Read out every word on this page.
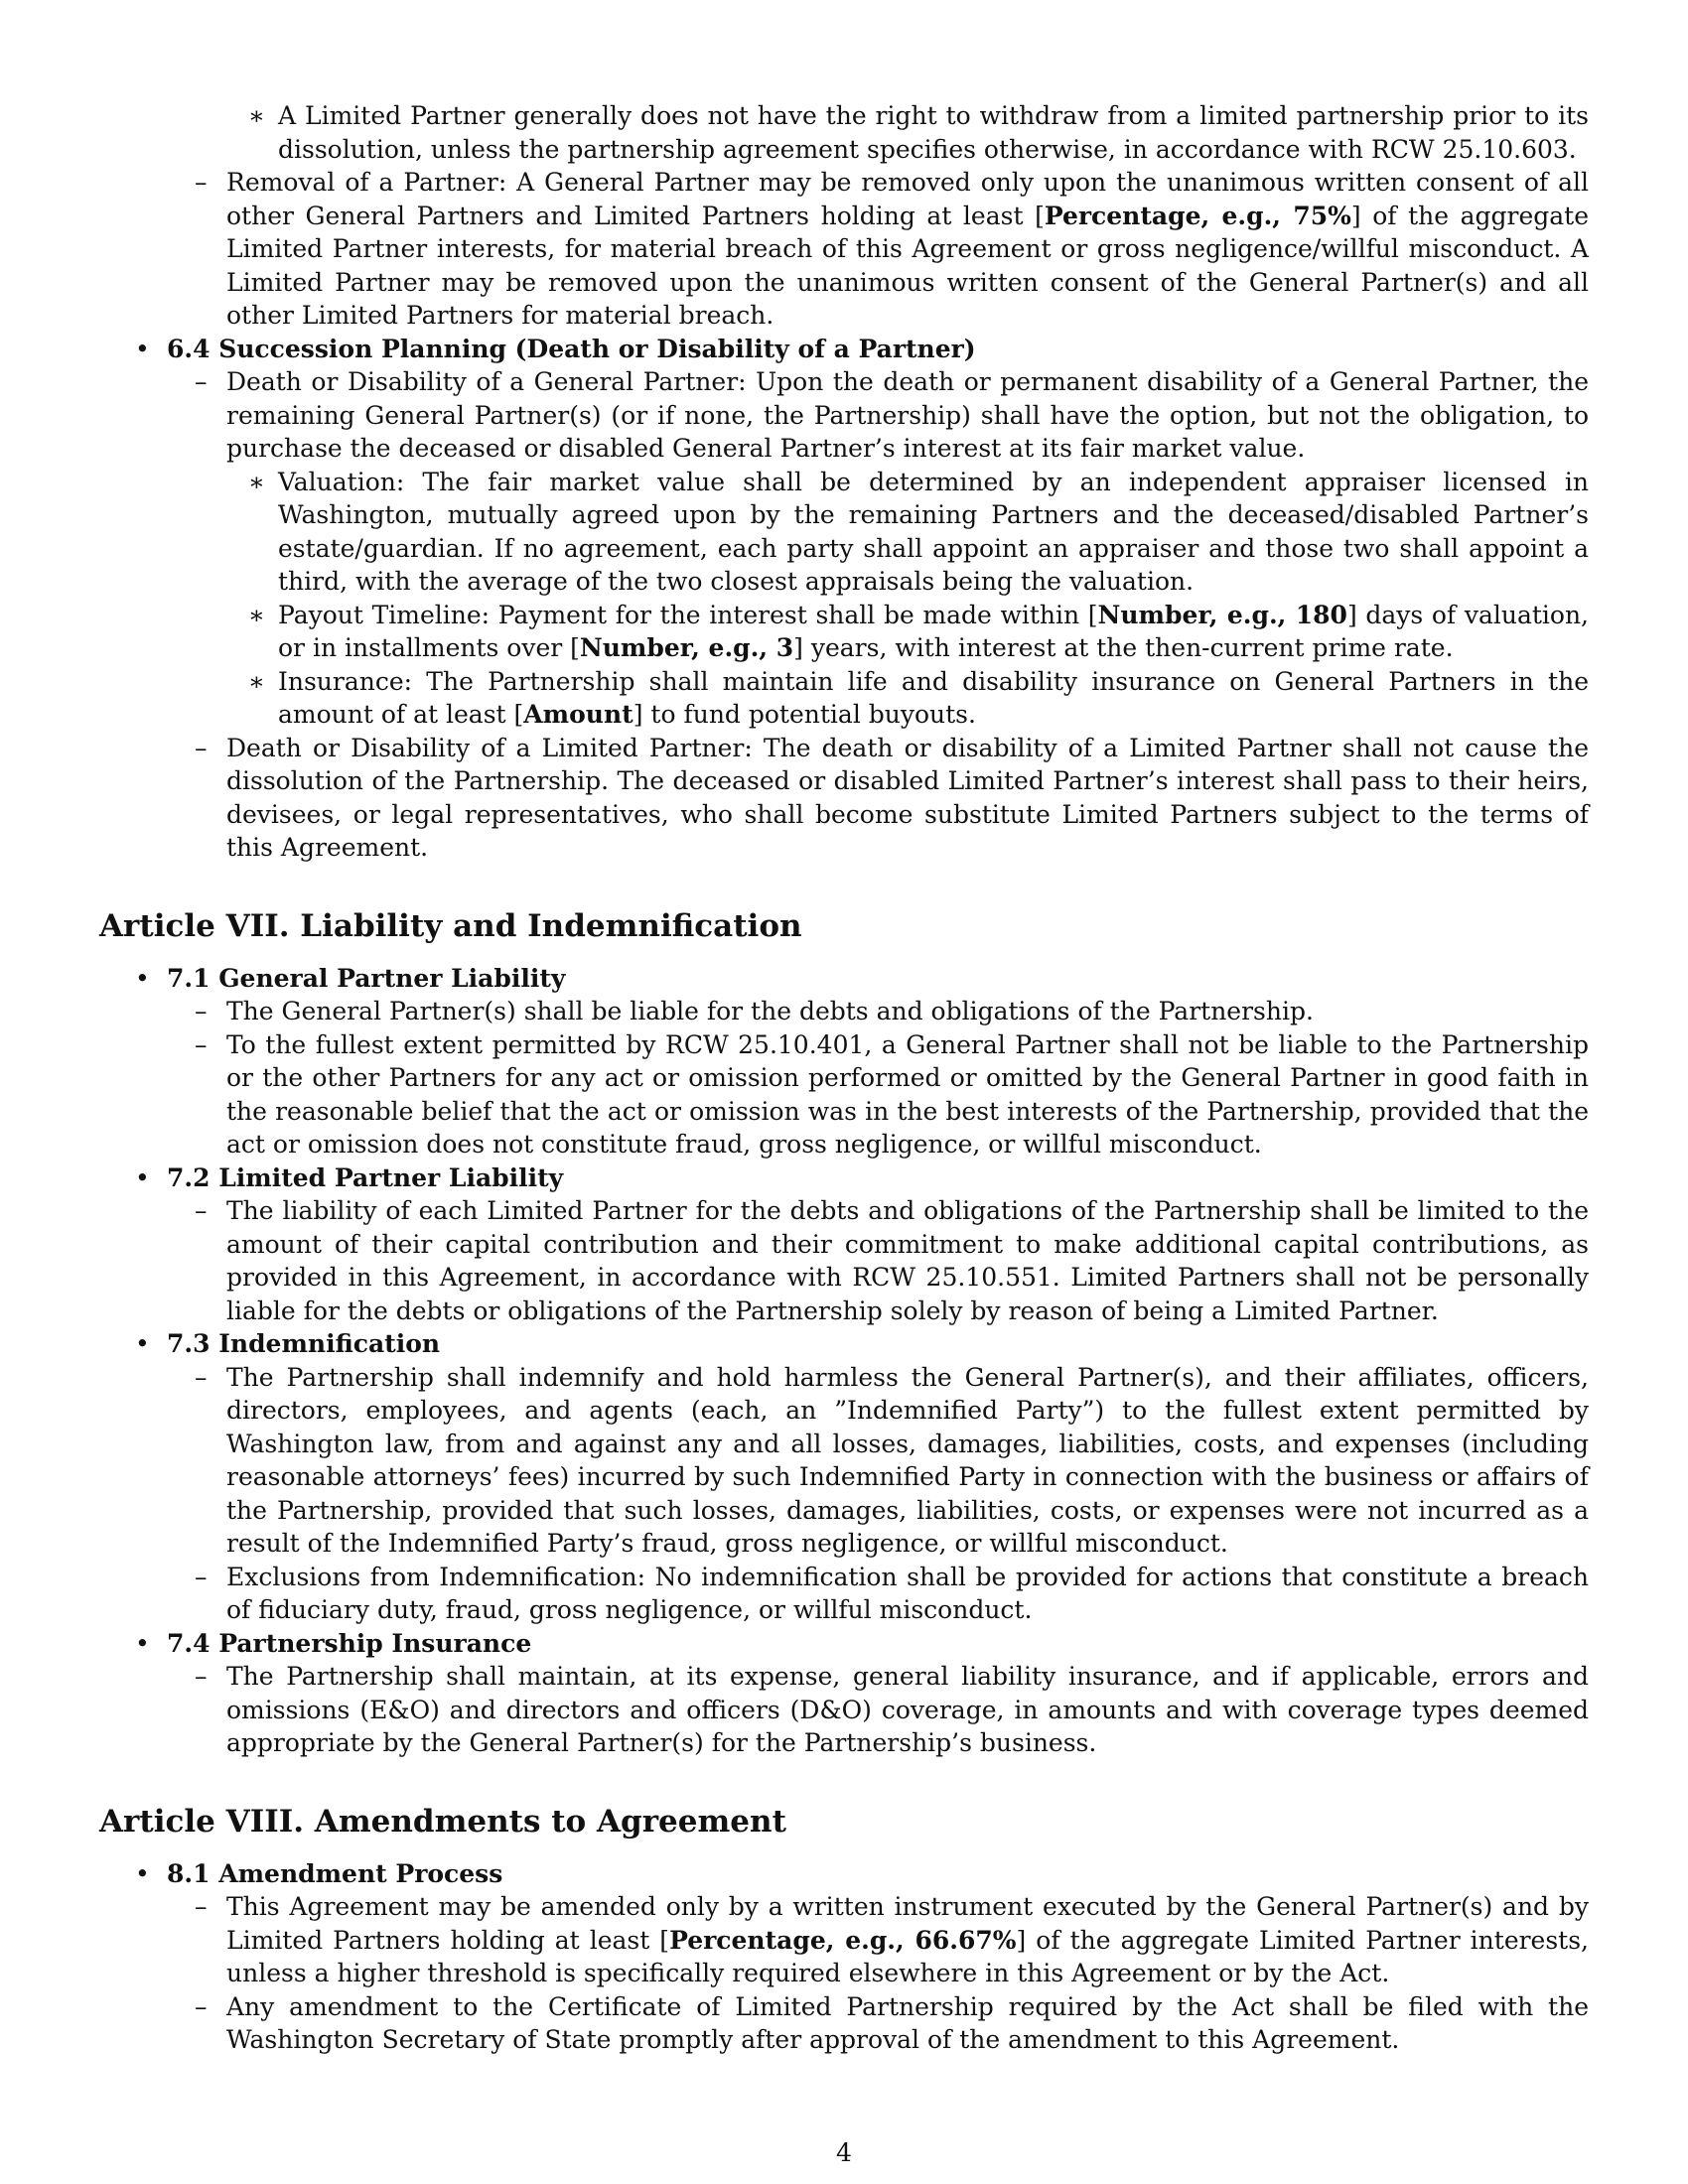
∗ A Limited Partner generally does not have the right to withdraw from a limited partnership prior to its dissolution, unless the partnership agreement specifies otherwise, in accordance with RCW 25.10.603.
– Removal of a Partner: A General Partner may be removed only upon the unanimous written consent of all other General Partners and Limited Partners holding at least [Percentage, e.g., 75%] of the aggregate Limited Partner interests, for material breach of this Agreement or gross negligence/willful misconduct. A Limited Partner may be removed upon the unanimous written consent of the General Partner(s) and all other Limited Partners for material breach.
• 6.4 Succession Planning (Death or Disability of a Partner)
– Death or Disability of a General Partner: Upon the death or permanent disability of a General Partner, the remaining General Partner(s) (or if none, the Partnership) shall have the option, but not the obligation, to purchase the deceased or disabled General Partner’s interest at its fair market value.
∗ Valuation: The fair market value shall be determined by an independent appraiser licensed in Washington, mutually agreed upon by the remaining Partners and the deceased/disabled Partner’s estate/guardian. If no agreement, each party shall appoint an appraiser and those two shall appoint a third, with the average of the two closest appraisals being the valuation.
∗ Payout Timeline: Payment for the interest shall be made within [Number, e.g., 180] days of valuation, or in installments over [Number, e.g., 3] years, with interest at the then-current prime rate.
∗ Insurance: The Partnership shall maintain life and disability insurance on General Partners in the amount of at least [Amount] to fund potential buyouts.
– Death or Disability of a Limited Partner: The death or disability of a Limited Partner shall not cause the dissolution of the Partnership. The deceased or disabled Limited Partner’s interest shall pass to their heirs, devisees, or legal representatives, who shall become substitute Limited Partners subject to the terms of this Agreement.
Article VII. Liability and Indemnification
• 7.1 General Partner Liability
– The General Partner(s) shall be liable for the debts and obligations of the Partnership.
– To the fullest extent permitted by RCW 25.10.401, a General Partner shall not be liable to the Partnership or the other Partners for any act or omission performed or omitted by the General Partner in good faith in the reasonable belief that the act or omission was in the best interests of the Partnership, provided that the act or omission does not constitute fraud, gross negligence, or willful misconduct.
• 7.2 Limited Partner Liability
– The liability of each Limited Partner for the debts and obligations of the Partnership shall be limited to the amount of their capital contribution and their commitment to make additional capital contributions, as provided in this Agreement, in accordance with RCW 25.10.551. Limited Partners shall not be personally liable for the debts or obligations of the Partnership solely by reason of being a Limited Partner.
• 7.3 Indemnification
– The Partnership shall indemnify and hold harmless the General Partner(s), and their affiliates, officers, directors, employees, and agents (each, an ”Indemnified Party”) to the fullest extent permitted by Washington law, from and against any and all losses, damages, liabilities, costs, and expenses (including reasonable attorneys’ fees) incurred by such Indemnified Party in connection with the business or affairs of the Partnership, provided that such losses, damages, liabilities, costs, or expenses were not incurred as a result of the Indemnified Party’s fraud, gross negligence, or willful misconduct.
– Exclusions from Indemnification: No indemnification shall be provided for actions that constitute a breach of fiduciary duty, fraud, gross negligence, or willful misconduct.
• 7.4 Partnership Insurance
– The Partnership shall maintain, at its expense, general liability insurance, and if applicable, errors and omissions (E&O) and directors and officers (D&O) coverage, in amounts and with coverage types deemed appropriate by the General Partner(s) for the Partnership’s business.
Article VIII. Amendments to Agreement
• 8.1 Amendment Process
– This Agreement may be amended only by a written instrument executed by the General Partner(s) and by Limited Partners holding at least [Percentage, e.g., 66.67%] of the aggregate Limited Partner interests, unless a higher threshold is specifically required elsewhere in this Agreement or by the Act.
– Any amendment to the Certificate of Limited Partnership required by the Act shall be filed with the Washington Secretary of State promptly after approval of the amendment to this Agreement.
4
